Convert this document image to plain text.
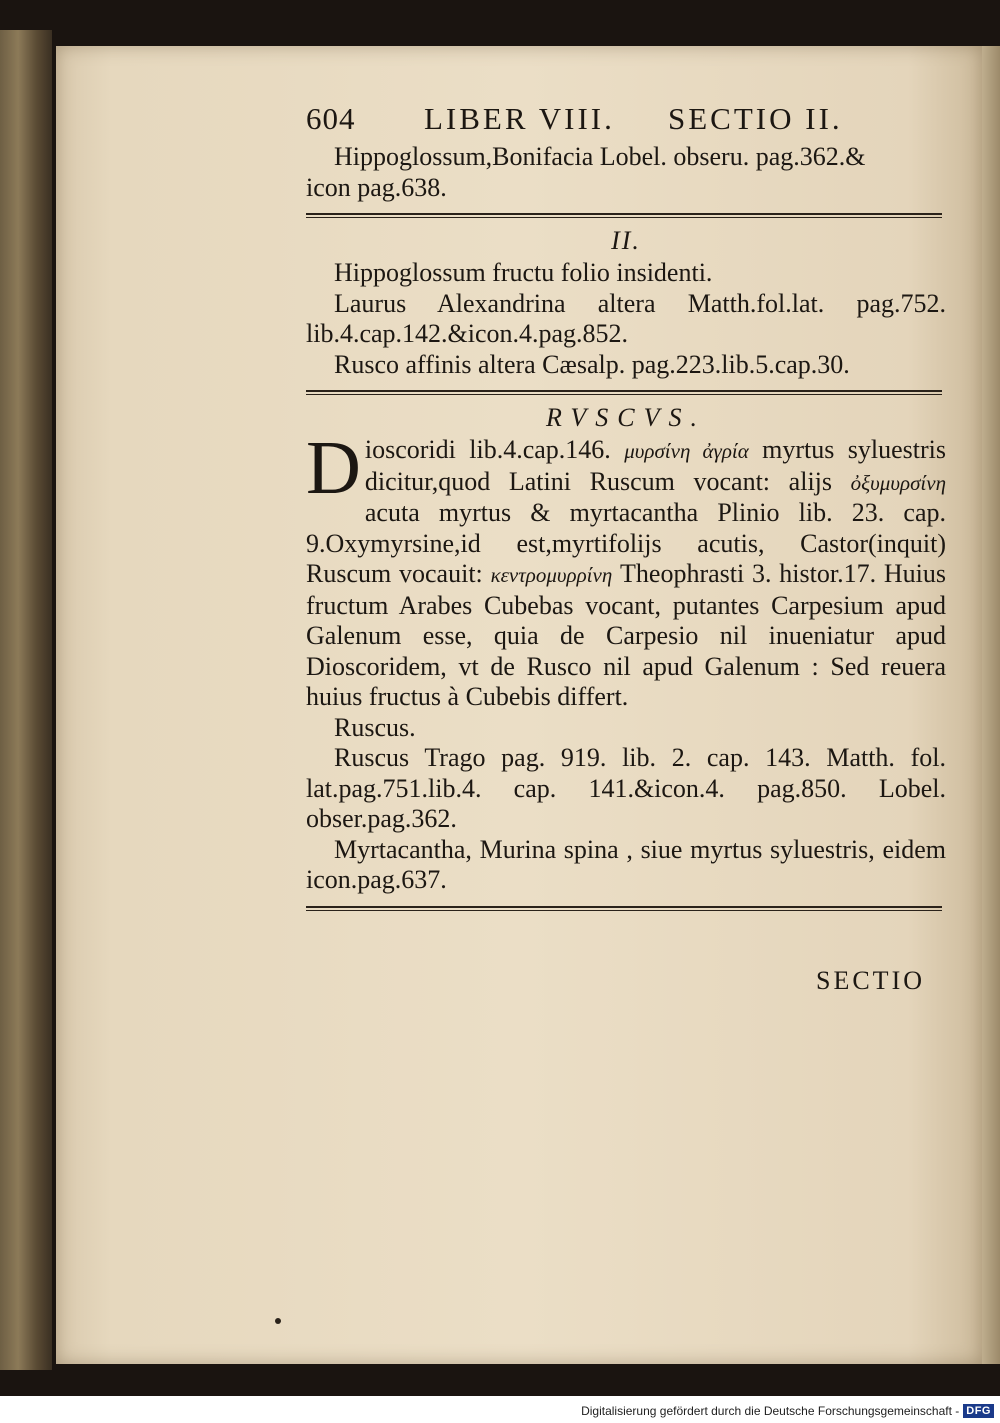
604	LIBER VIII.	SECTIO II.

Hippoglossum,Bonifacia Lobel. obseru. pag.362.&

icon pag.638.

II.

Hippoglossum fructu folio insidenti.

Laurus Alexandrina altera Matth.fol.lat. pag.752. lib.4.cap.142.&icon.4.pag.852.

Rusco affinis altera Cæsalp. pag.223.lib.5.cap.30.

RVSCVS.

Dioscoridi lib.4.cap.146. μυρσίνη ἀγρία myrtus syluestris dicitur,quod Latini Ruscum vocant: alijs ὀξυμυρσίνη acuta myrtus & myrtacantha Plinio lib. 23. cap. 9.Oxymyrsine,id est,myrtifolijs acutis, Castor(inquit) Ruscum vocauit: κεντρομυρρίνη Theophrasti 3. histor.17. Huius fructum Arabes Cubebas vocant, putantes Carpesium apud Galenum esse, quia de Carpesio nil inueniatur apud Dioscoridem, vt de Rusco nil apud Galenum : Sed reuera huius fructus à Cubebis differt.

Ruscus.

Ruscus Trago pag. 919. lib. 2. cap. 143. Matth. fol. lat.pag.751.lib.4. cap. 141.&icon.4. pag.850. Lobel. obser.pag.362.

Myrtacantha, Murina spina , siue myrtus syluestris, eidem icon.pag.637.

SECTIO
Digitalisierung gefördert durch die Deutsche Forschungsgemeinschaft - DFG
